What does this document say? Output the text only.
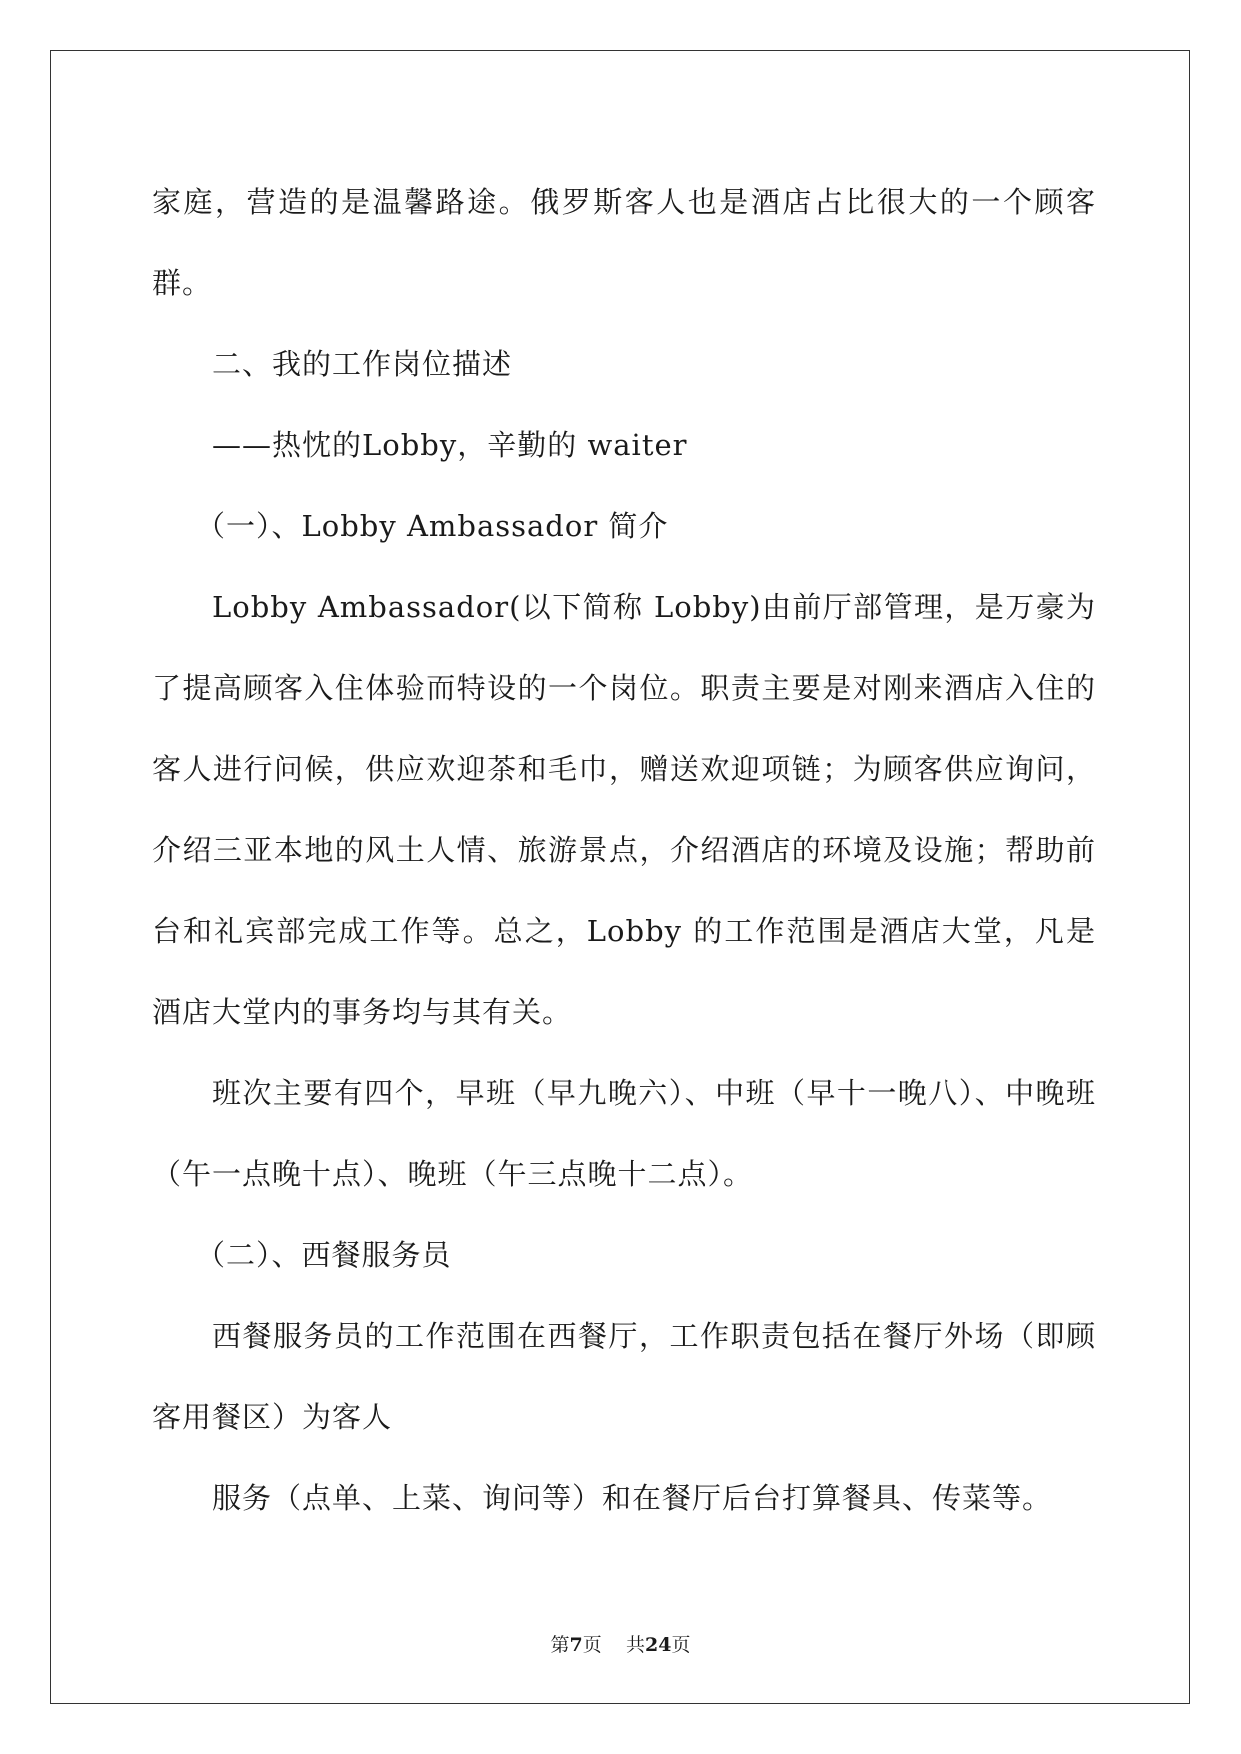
家庭，营造的是温馨路途。俄罗斯客人也是酒店占比很大的一个顾客群。

二、我的工作岗位描述

——热忱的Lobby，辛勤的 waiter

（一）、Lobby Ambassador 简介

Lobby Ambassador(以下简称 Lobby)由前厅部管理，是万豪为了提高顾客入住体验而特设的一个岗位。职责主要是对刚来酒店入住的客人进行问候，供应欢迎茶和毛巾，赠送欢迎项链；为顾客供应询问，介绍三亚本地的风土人情、旅游景点，介绍酒店的环境及设施；帮助前台和礼宾部完成工作等。总之，Lobby 的工作范围是酒店大堂，凡是酒店大堂内的事务均与其有关。

班次主要有四个，早班（早九晚六）、中班（早十一晚八）、中晚班（午一点晚十点）、晚班（午三点晚十二点）。

（二）、西餐服务员

西餐服务员的工作范围在西餐厅，工作职责包括在餐厅外场（即顾客用餐区）为客人

服务（点单、上菜、询问等）和在餐厅后台打算餐具、传菜等。

第7页 共24页
